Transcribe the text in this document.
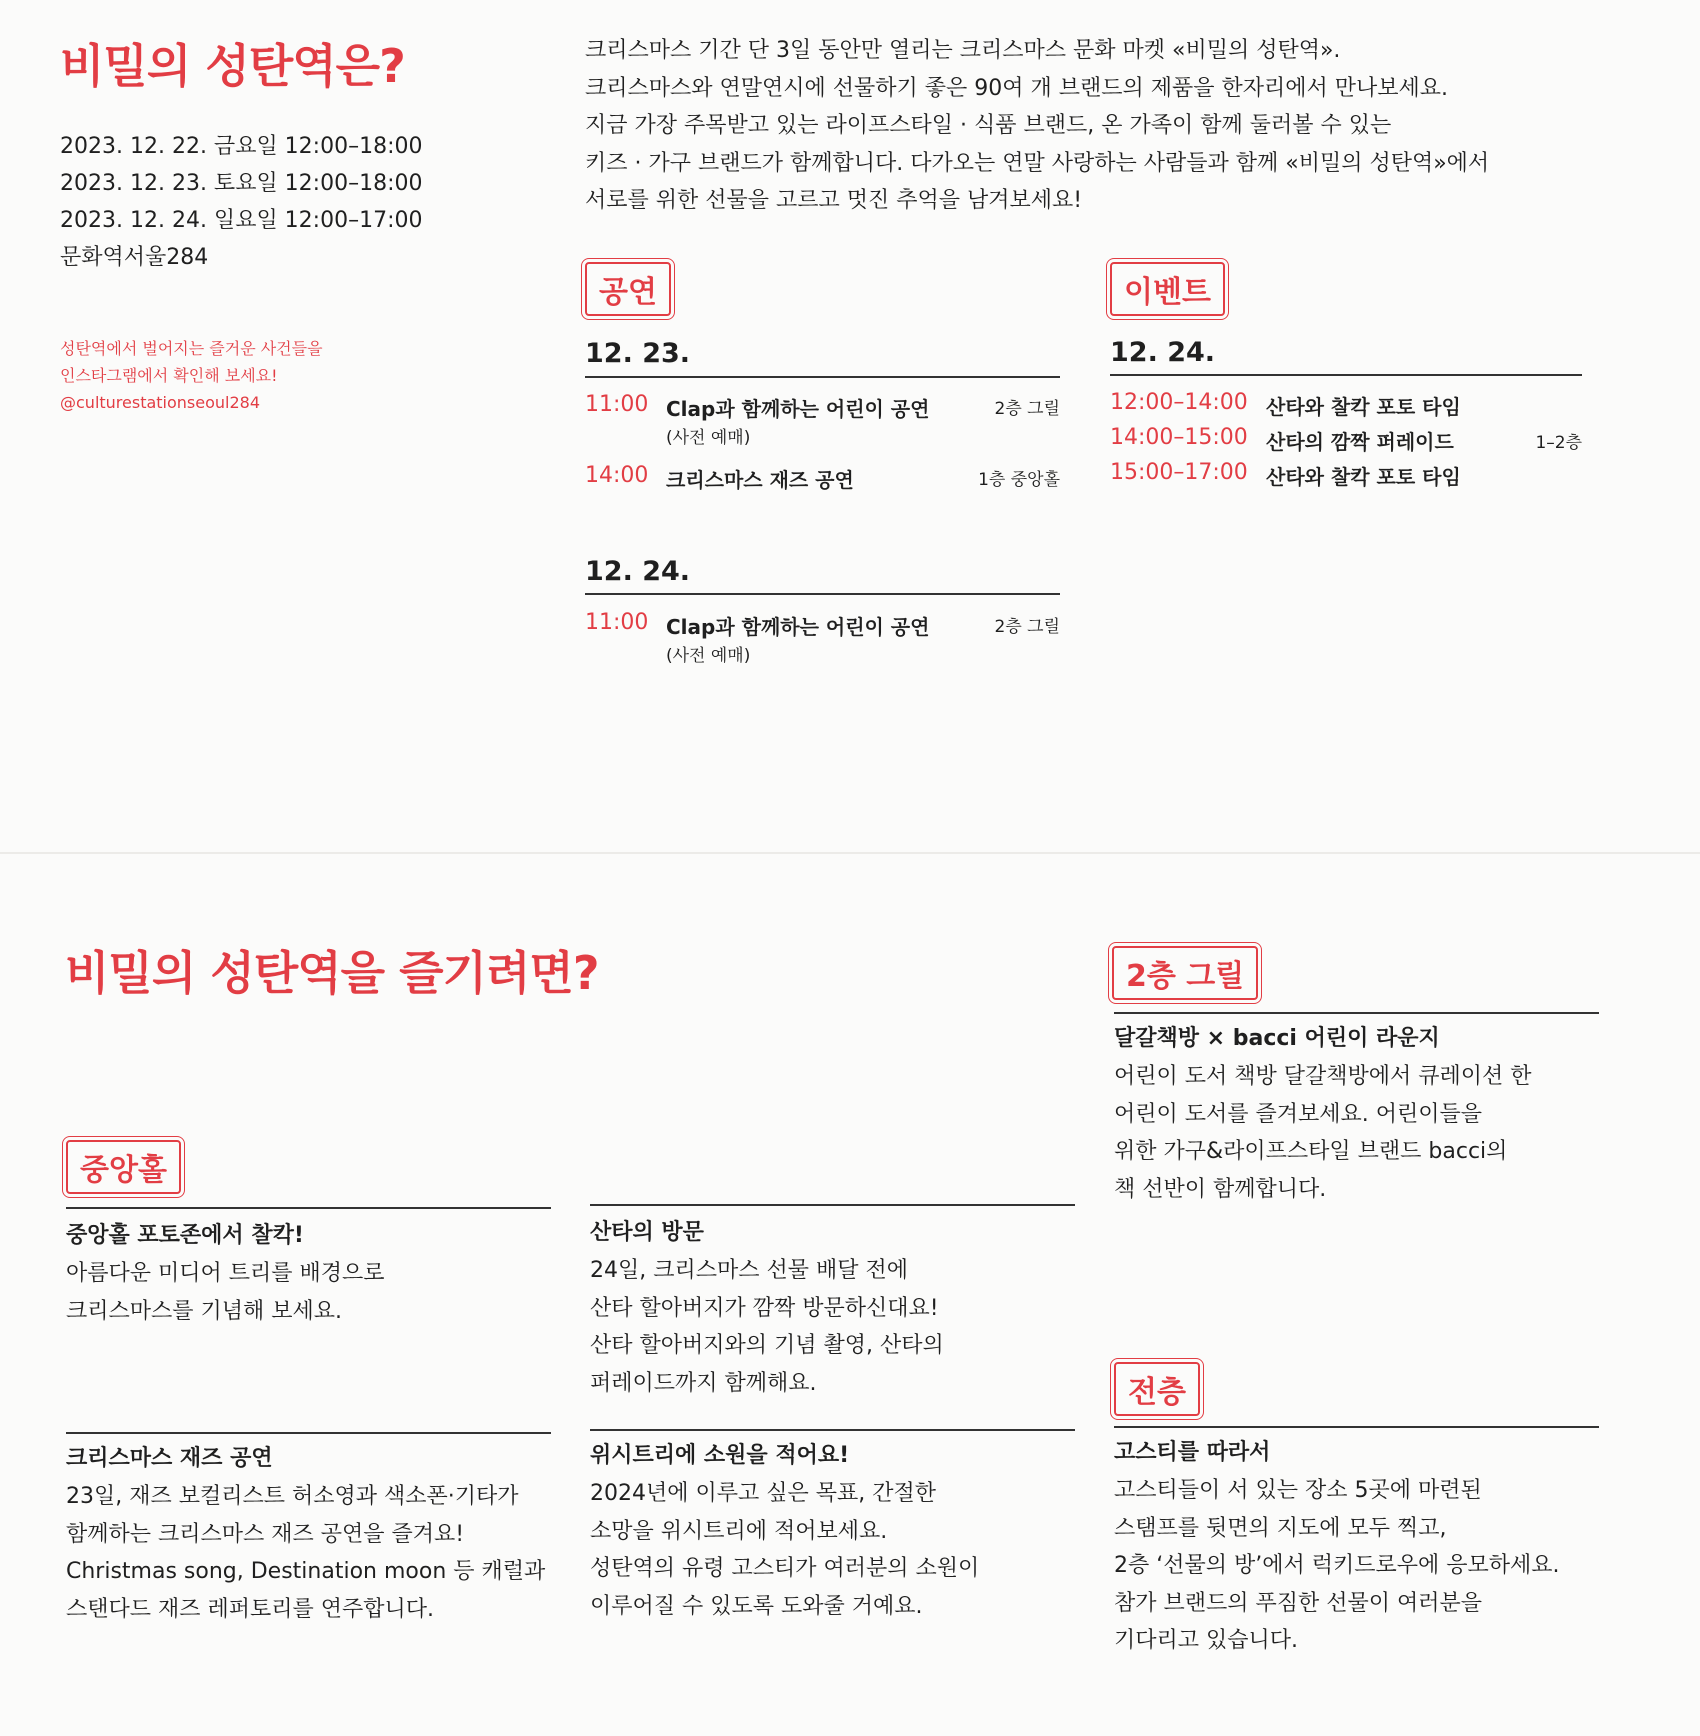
비밀의 성탄역은?
2023. 12. 22. 금요일 12:00–18:00
2023. 12. 23. 토요일 12:00–18:00
2023. 12. 24. 일요일 12:00–17:00
문화역서울284
성탄역에서 벌어지는 즐거운 사건들을
인스타그램에서 확인해 보세요!
@culturestationseoul284
크리스마스 기간 단 3일 동안만 열리는 크리스마스 문화 마켓 «비밀의 성탄역».
크리스마스와 연말연시에 선물하기 좋은 90여 개 브랜드의 제품을 한자리에서 만나보세요.
지금 가장 주목받고 있는 라이프스타일 · 식품 브랜드, 온 가족이 함께 둘러볼 수 있는
키즈 · 가구 브랜드가 함께합니다. 다가오는 연말 사랑하는 사람들과 함께 «비밀의 성탄역»에서
서로를 위한 선물을 고르고 멋진 추억을 남겨보세요!
공연
12. 23.
11:00 Clap과 함께하는 어린이 공연
(사전 예매)
2층 그릴
14:00 크리스마스 재즈 공연	1층 중앙홀
12. 24.
11:00 Clap과 함께하는 어린이 공연
(사전 예매)
2층 그릴
이벤트
12. 24.
12:00–14:00 산타와 찰칵 포토 타임
14:00–15:00 산타의 깜짝 퍼레이드	1–2층
15:00–17:00 산타와 찰칵 포토 타임
비밀의 성탄역을 즐기려면?
중앙홀
2층 그릴
전층
중앙홀 포토존에서 찰칵!
아름다운 미디어 트리를 배경으로
크리스마스를 기념해 보세요.
산타의 방문
24일, 크리스마스 선물 배달 전에
산타 할아버지가 깜짝 방문하신대요!
산타 할아버지와의 기념 촬영, 산타의
퍼레이드까지 함께해요.
달갈책방 × bacci 어린이 라운지
어린이 도서 책방 달갈책방에서 큐레이션 한
어린이 도서를 즐겨보세요. 어린이들을
위한 가구&라이프스타일 브랜드 bacci의
책 선반이 함께합니다.
크리스마스 재즈 공연
23일, 재즈 보컬리스트 허소영과 색소폰·기타가
함께하는 크리스마스 재즈 공연을 즐겨요!
Christmas song, Destination moon 등 캐럴과
스탠다드 재즈 레퍼토리를 연주합니다.
위시트리에 소원을 적어요!
2024년에 이루고 싶은 목표, 간절한
소망을 위시트리에 적어보세요.
성탄역의 유령 고스티가 여러분의 소원이
이루어질 수 있도록 도와줄 거예요.
고스티를 따라서
고스티들이 서 있는 장소 5곳에 마련된
스탬프를 뒷면의 지도에 모두 찍고,
2층 ‘선물의 방’에서 럭키드로우에 응모하세요.
참가 브랜드의 푸짐한 선물이 여러분을
기다리고 있습니다.
